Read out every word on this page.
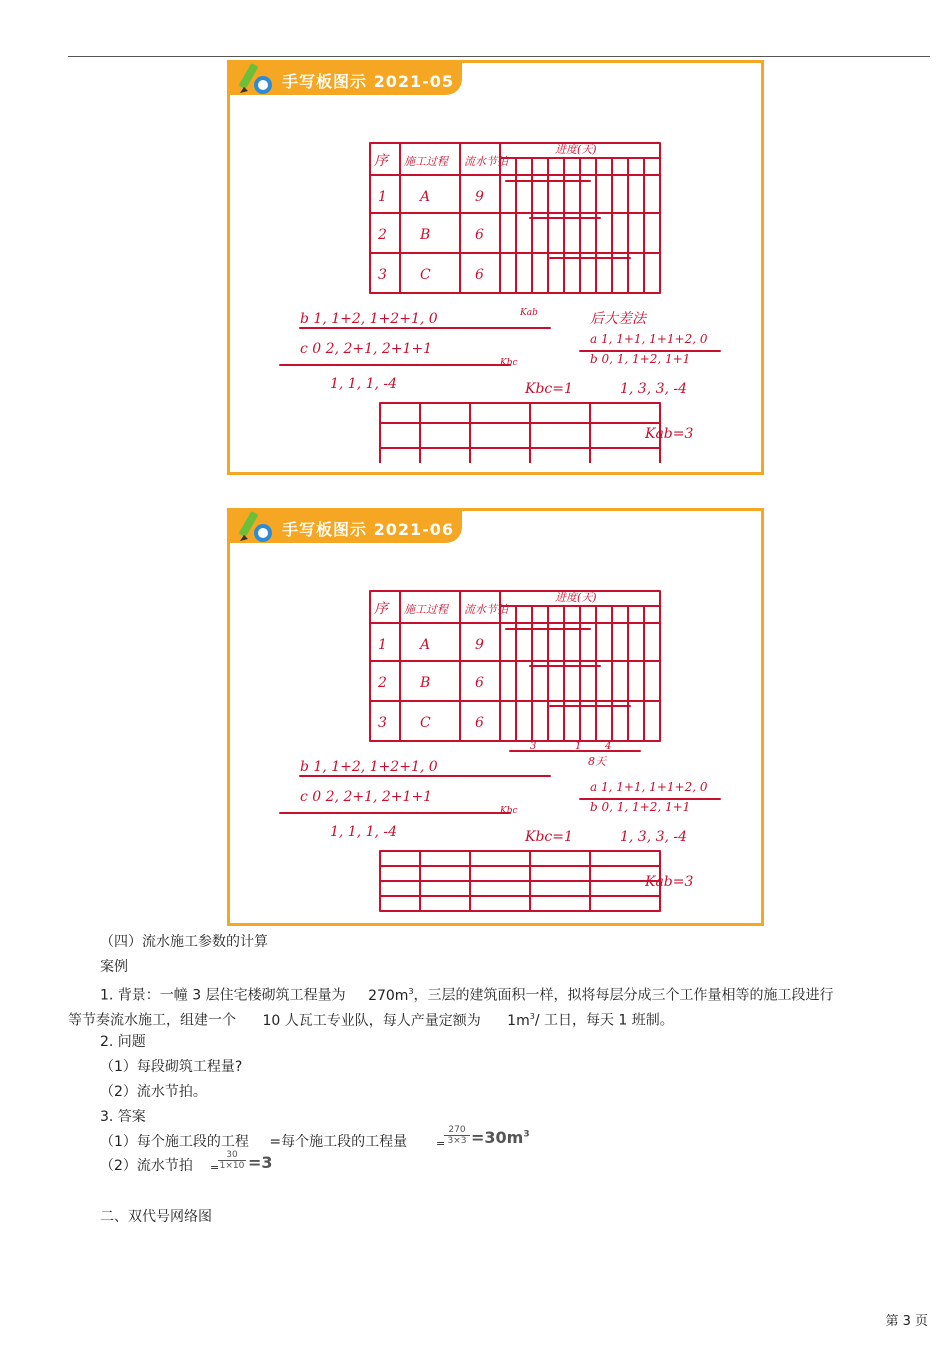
手写板图示 2021-05
序 施工过程 流水节拍
进度(天)
1 A	9
2 B	6
3 C	6
b 1, 1+2, 1+2+1, 0
c 0 2, 2+1, 2+1+1
1, 1, 1, -4
Kab
Kbc
Kbc=1
后大差法
a 1, 1+1, 1+1+2, 0
b 0, 1, 1+2, 1+1
1, 3, 3, -4
Kab=3
手写板图示 2021-06
序 施工过程 流水节拍
进度(天)
1 A	9
2 B	6
3 C	6
3	1 4
8天
b 1, 1+2, 1+2+1, 0
c 0 2, 2+1, 2+1+1
1, 1, 1, -4
Kbc
Kbc=1
a 1, 1+1, 1+1+2, 0
b 0, 1, 1+2, 1+1
1, 3, 3, -4
Kab=3
（四）流水施工参数的计算
案例
1. 背景：一幢 3 层住宅楼砌筑工程量为 $270m^3$，三层的建筑面积一样，拟将每层分成三个工作量相等的施工段进行
等节奏流水施工，组建一个 10 人瓦工专业队，每人产量定额为 $1m^3/$ 工日，每天 1 班制。
2. 问题
（1）每段砌筑工程量?
（2）流水节拍。
3. 答案
（1）每个施工段的工程 =每个施工段的工程量	=
$\frac{270}{3\times 3} =30m^3$
（2）流水节拍 =
$\frac{30}{1\times 10} =3$
二、双代号网络图
第 3 页
